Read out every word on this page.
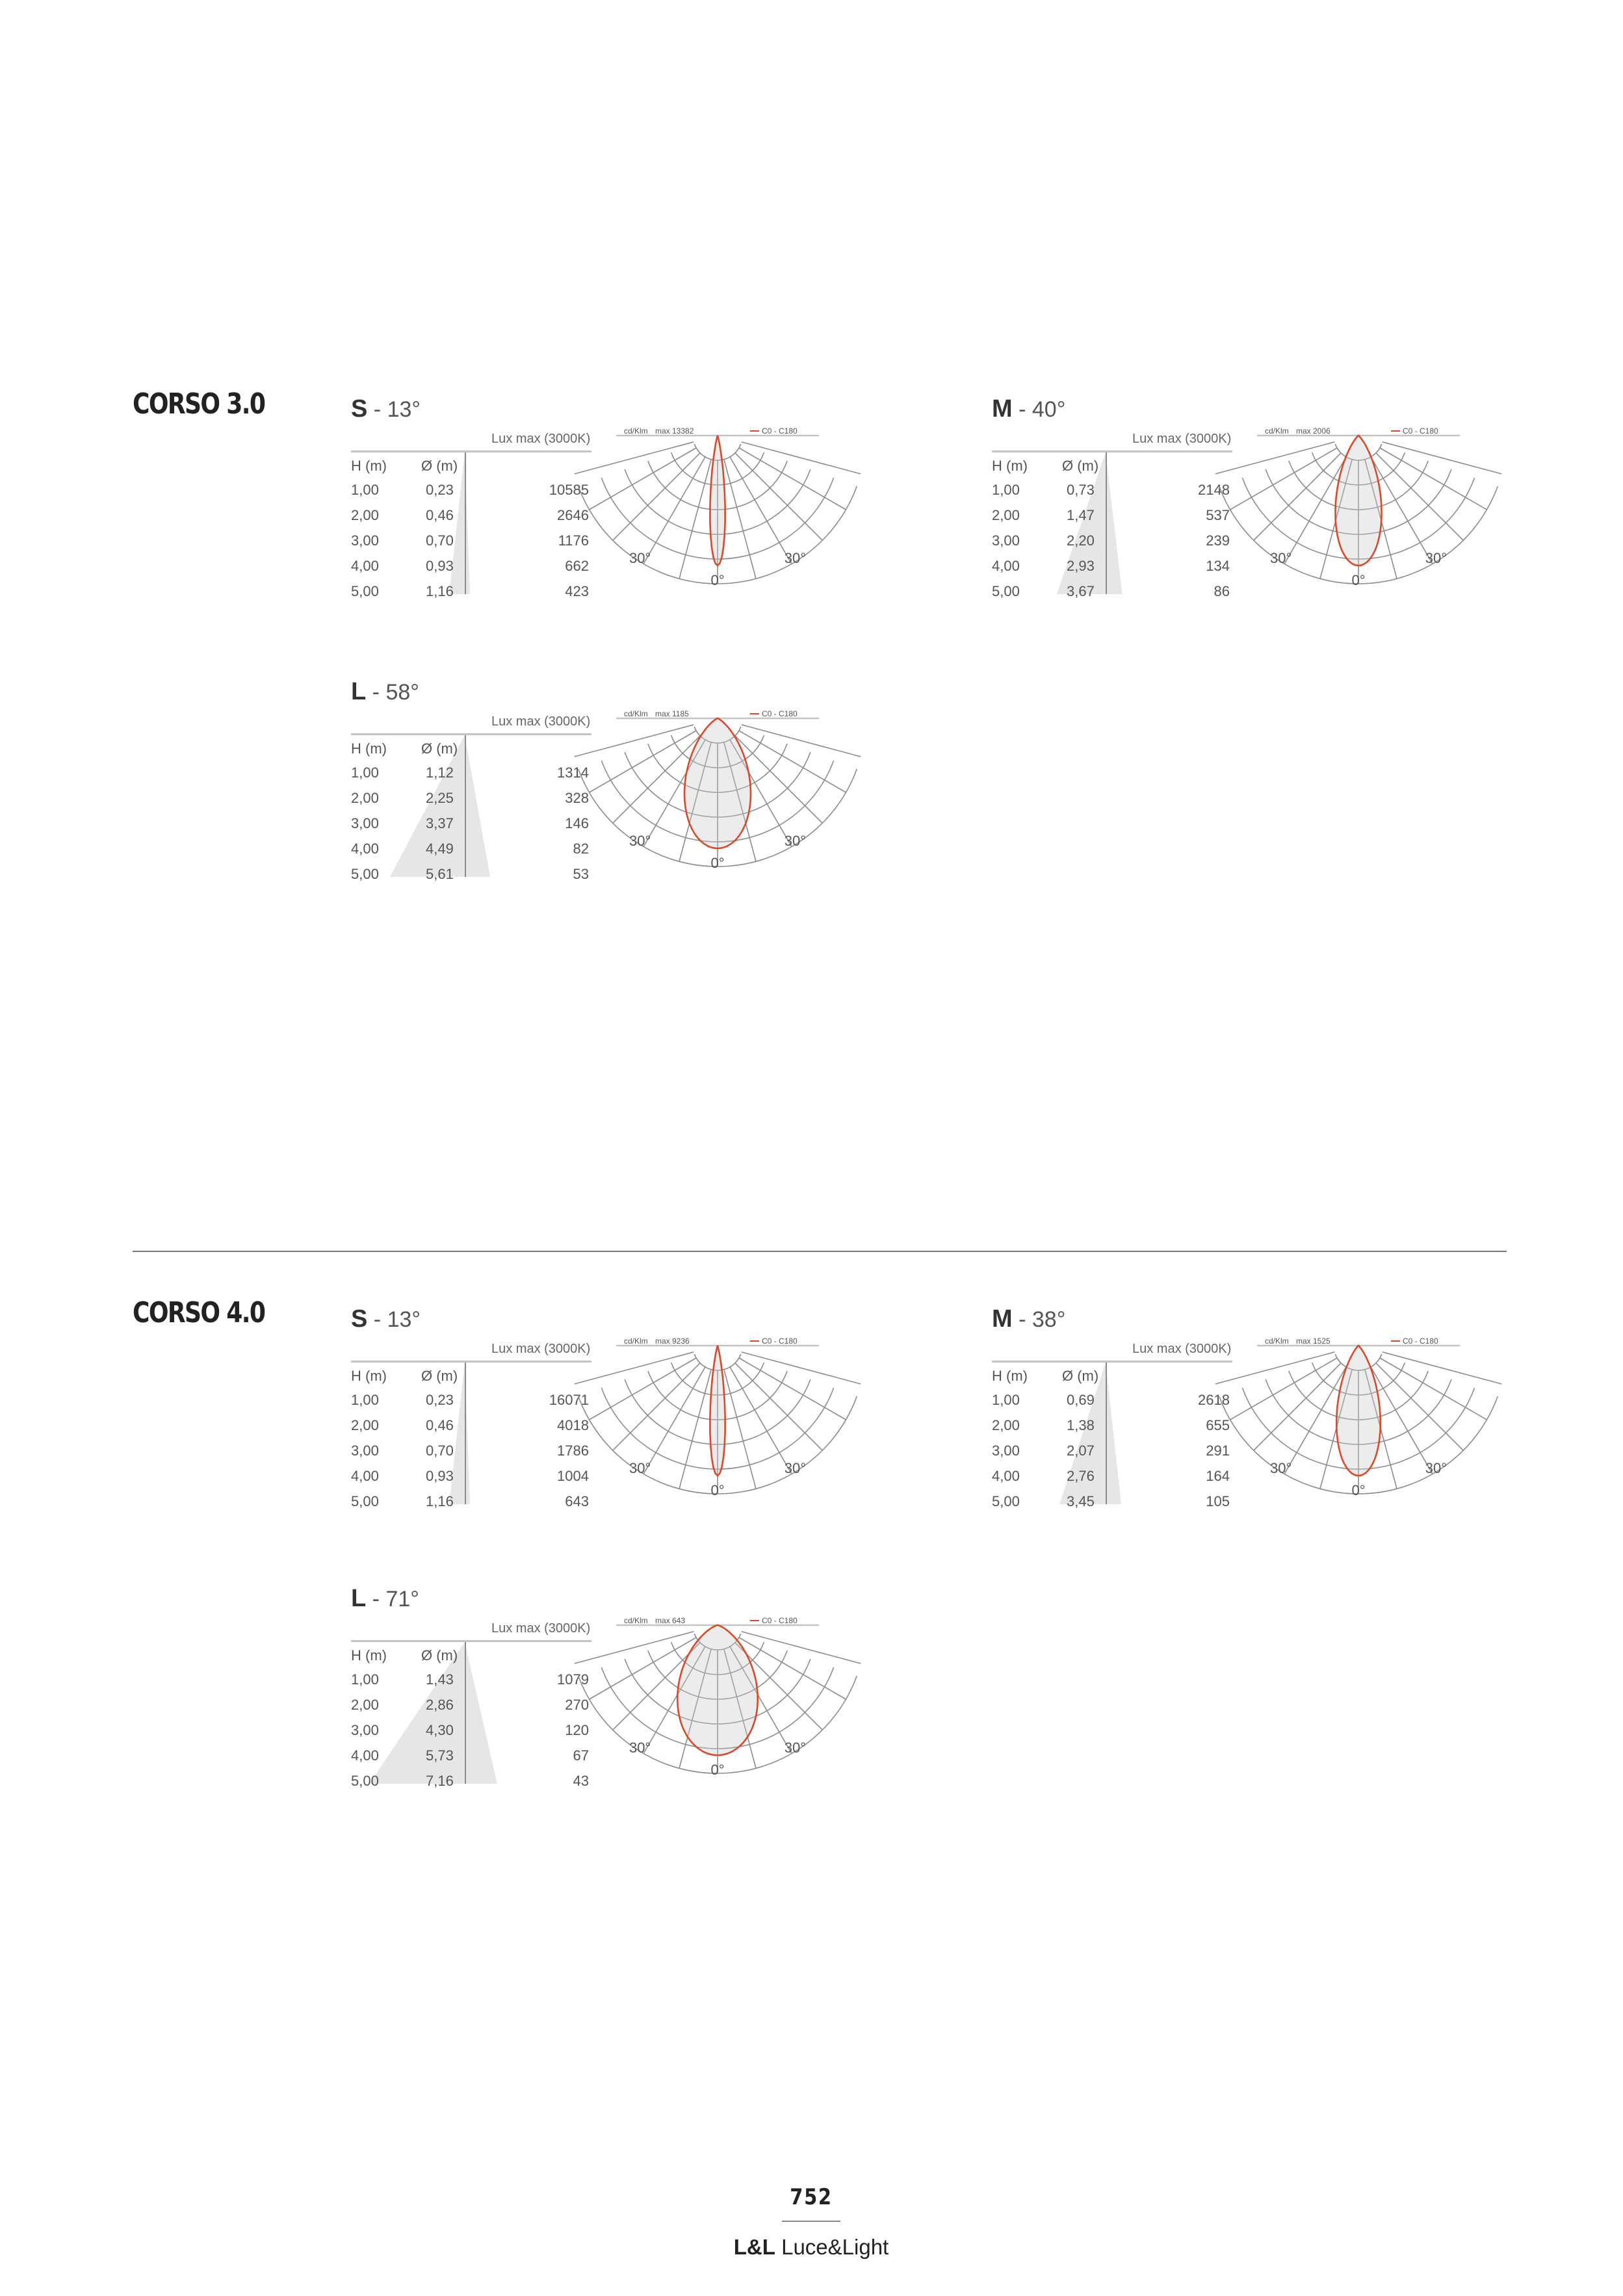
CORSO 3.0
CORSO 4.0
S - 13°
Lux max (3000K)
H (m) Ø (m)
1,00	0,23	10585
2,00	0,46	2646
3,00	0,70	1176
4,00	0,93	662
5,00	1,16	423
cd/Klm max 13382	C0 - C180
30°	30°
0°
M - 40°
Lux max (3000K)
H (m) Ø (m)
1,00	0,73	2148
2,00	1,47	537
3,00	2,20	239
4,00	2,93	134
5,00	3,67	86
cd/Klm max 2006	C0 - C180
30°	30°
0°
L - 58°
Lux max (3000K)
H (m) Ø (m)
1,00	1,12	1314
2,00	2,25	328
3,00	3,37	146
4,00	4,49	82
5,00	5,61	53
cd/Klm max 1185	C0 - C180
30°	30°
0°
S - 13°
Lux max (3000K)
H (m) Ø (m)
1,00	0,23	16071
2,00	0,46	4018
3,00	0,70	1786
4,00	0,93	1004
5,00	1,16	643
cd/Klm max 9236	C0 - C180
30°	30°
0°
M - 38°
Lux max (3000K)
H (m) Ø (m)
1,00	0,69	2618
2,00	1,38	655
3,00	2,07	291
4,00	2,76	164
5,00	3,45	105
cd/Klm max 1525	C0 - C180
30°	30°
0°
L - 71°
Lux max (3000K)
H (m) Ø (m)
1,00	1,43	1079
2,00	2,86	270
3,00	4,30	120
4,00	5,73	67
5,00	7,16	43
cd/Klm max 643	C0 - C180
30°	30°
0°
752
L&L Luce&Light
